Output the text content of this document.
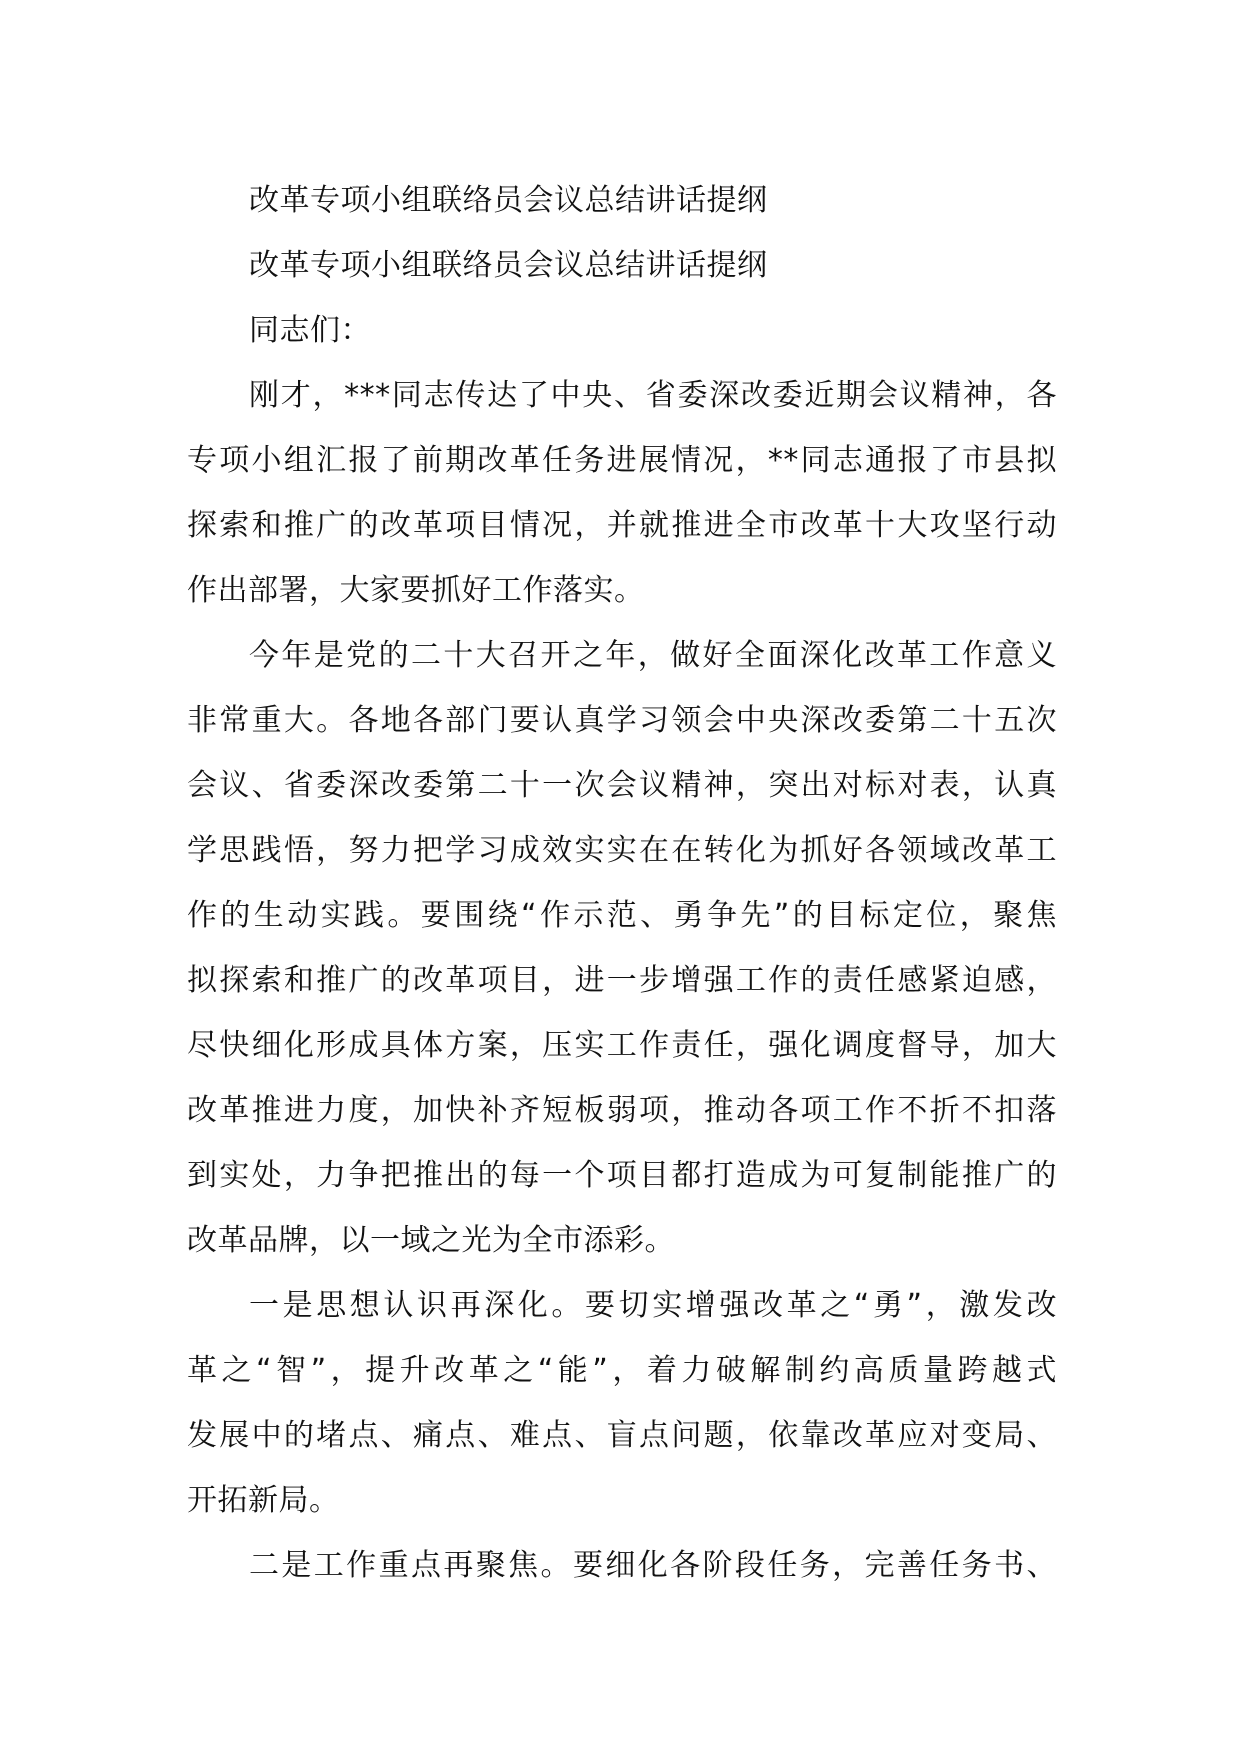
改革专项小组联络员会议总结讲话提纲
改革专项小组联络员会议总结讲话提纲
同志们：
刚才，***同志传达了中央、省委深改委近期会议精神，各
专项小组汇报了前期改革任务进展情况，**同志通报了市县拟
探索和推广的改革项目情况，并就推进全市改革十大攻坚行动
作出部署，大家要抓好工作落实。
今年是党的二十大召开之年，做好全面深化改革工作意义
非常重大。各地各部门要认真学习领会中央深改委第二十五次
会议、省委深改委第二十一次会议精神，突出对标对表，认真
学思践悟，努力把学习成效实实在在转化为抓好各领域改革工
作的生动实践。要围绕“作示范、勇争先”的目标定位，聚焦
拟探索和推广的改革项目，进一步增强工作的责任感紧迫感，
尽快细化形成具体方案，压实工作责任，强化调度督导，加大
改革推进力度，加快补齐短板弱项，推动各项工作不折不扣落
到实处，力争把推出的每一个项目都打造成为可复制能推广的
改革品牌，以一域之光为全市添彩。
一是思想认识再深化。要切实增强改革之“勇”，激发改
革之“智”，提升改革之“能”，着力破解制约高质量跨越式
发展中的堵点、痛点、难点、盲点问题，依靠改革应对变局、
开拓新局。
二是工作重点再聚焦。要细化各阶段任务，完善任务书、
